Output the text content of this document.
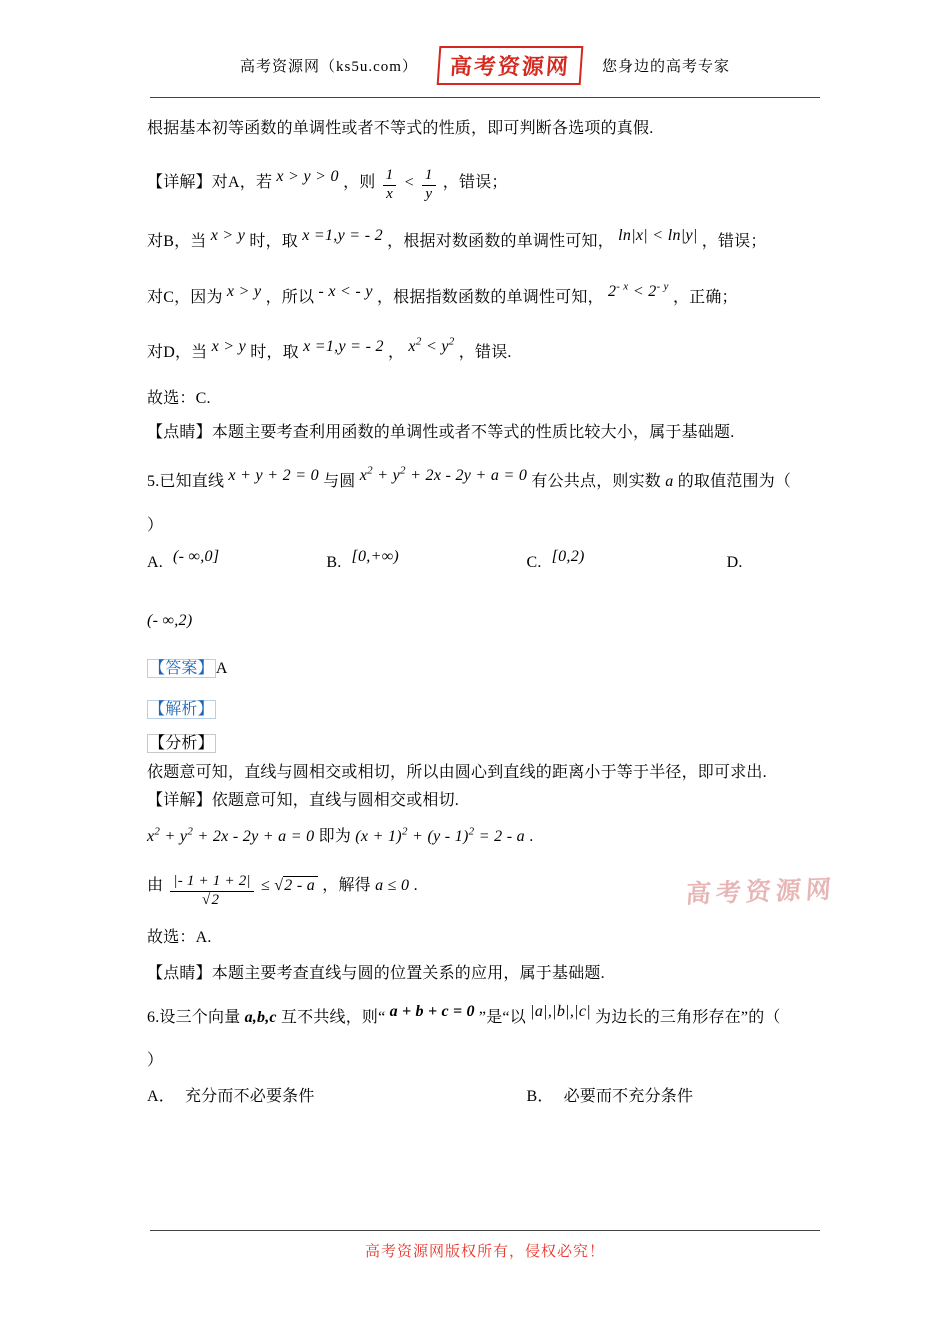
高考资源网（ks5u.com）	高考资源网	您身边的高考专家

根据基本初等函数的单调性或者不等式的性质，即可判断各选项的真假.

【详解】对A，若 x > y > 0 ，则 $\frac{1}{x} < \frac{1}{y}$ ，错误；

对B，当 x > y 时，取 x =1,y = - 2 ，根据对数函数的单调性可知， ln|x| < ln|y| ，错误；

对C，因为 x > y ，所以 - x < - y ，根据指数函数的单调性可知， $2^{- x} < 2^{- y}$ ，正确；

对D，当 x > y 时，取 x =1,y = - 2 ， $x^2 < y^2$ ，错误.

故选：C.

【点睛】本题主要考查利用函数的单调性或者不等式的性质比较大小，属于基础题.

5.已知直线 x + y + 2 = 0 与圆 $x^2 + y^2 + 2x - 2y + a = 0$ 有公共点，则实数 a 的取值范围为（

）

A. (- ∞,0]	B. [0,+∞)	C. [0,2)	D.

(- ∞,2)

【答案】 A

【解析】

【分析】

依题意可知，直线与圆相交或相切，所以由圆心到直线的距离小于等于半径，即可求出.

【详解】依题意可知，直线与圆相交或相切.

$x^2 + y^2 + 2x - 2y + a = 0$ 即为 $(x + 1)^2 + (y - 1)^2 = 2 - a$ .

由 $\frac{|- 1 + 1 + 2|}{√2} \le √2 - a$ ，解得 a ≤ 0 .

故选：A.

【点睛】本题主要考查直线与圆的位置关系的应用，属于基础题.

6.设三个向量 a,b,c 互不共线，则“ a + b + c = 0 ”是“以 |a|,|b|,|c| 为边长的三角形存在”的（

）

A． 充分而不必要条件	B． 必要而不充分条件
高考资源网
高考资源网版权所有，侵权必究！
